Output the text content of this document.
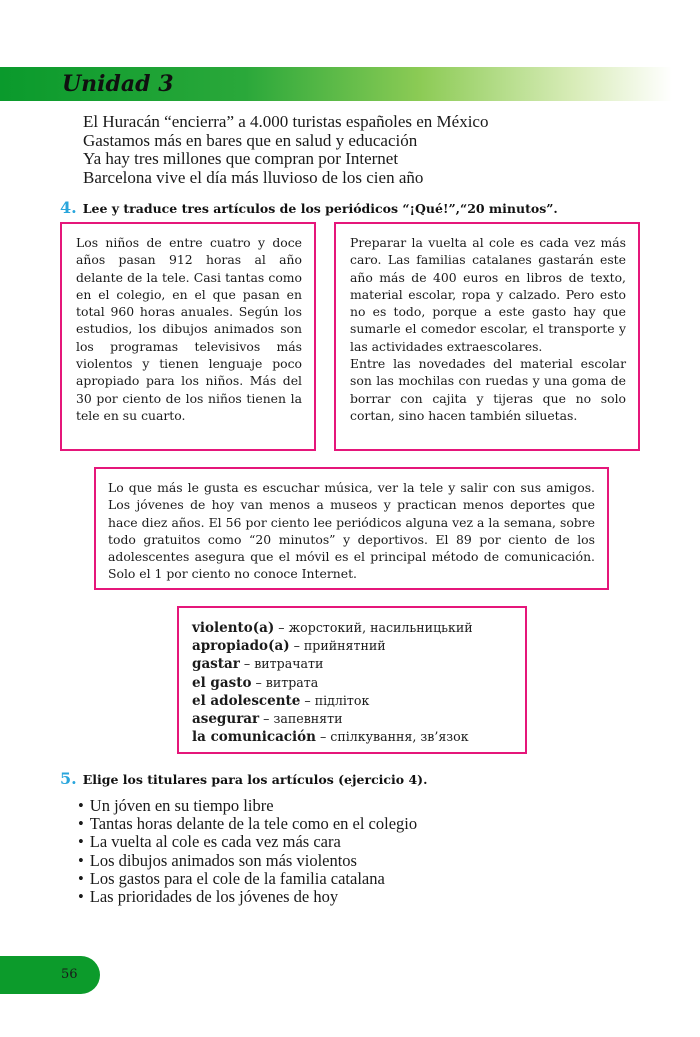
Unidad 3
El Huracán “encierra” a 4.000 turistas españoles en México
Gastamos más en bares que en salud y educación
Ya hay tres millones que compran por Internet
Barcelona vive el día más lluvioso de los cien año
4. Lee y traduce tres artículos de los periódicos “¡Qué!”,“20 minutos”.
Los niños de entre cuatro y doce años pasan 912 horas al año delante de la tele. Casi tantas como en el colegio, en el que pasan en total 960 horas anuales. Según los estudios, los dibujos animados son los programas televisivos más violentos y tienen lenguaje poco apropiado para los niños. Más del 30 por ciento de los niños tienen la tele en su cuarto.
Preparar la vuelta al cole es cada vez más caro. Las familias catalanes gastarán este año más de 400 euros en libros de texto, material escolar, ropa y calzado. Pero esto no es todo, porque a este gasto hay que sumarle el comedor escolar, el transporte y las actividades extraescolares.
Entre las novedades del material escolar son las mochilas con ruedas y una goma de borrar con cajita y tijeras que no solo cortan, sino hacen también siluetas.
Lo que más le gusta es escuchar música, ver la tele y salir con sus amigos. Los jóvenes de hoy van menos a museos y practican menos deportes que hace diez años. El 56 por ciento lee periódicos alguna vez a la semana, sobre todo gratuitos como “20 minutos” y deportivos. El 89 por ciento de los adolescentes asegura que el móvil es el principal método de comunicación. Solo el 1 por ciento no conoce Internet.
violento(a) – жорстокий, насильницький
apropiado(a) – прийнятний
gastar – витрачати
el gasto – витрата
el adolescente – підліток
asegurar – запевняти
la comunicación – спілкування, зв’язок
5. Elige los titulares para los artículos (ejercicio 4).
• Un jóven en su tiempo libre
• Tantas horas delante de la tele como en el colegio
• La vuelta al cole es cada vez más cara
• Los dibujos animados son más violentos
• Los gastos para el cole de la familia catalana
• Las prioridades de los jóvenes de hoy
56
